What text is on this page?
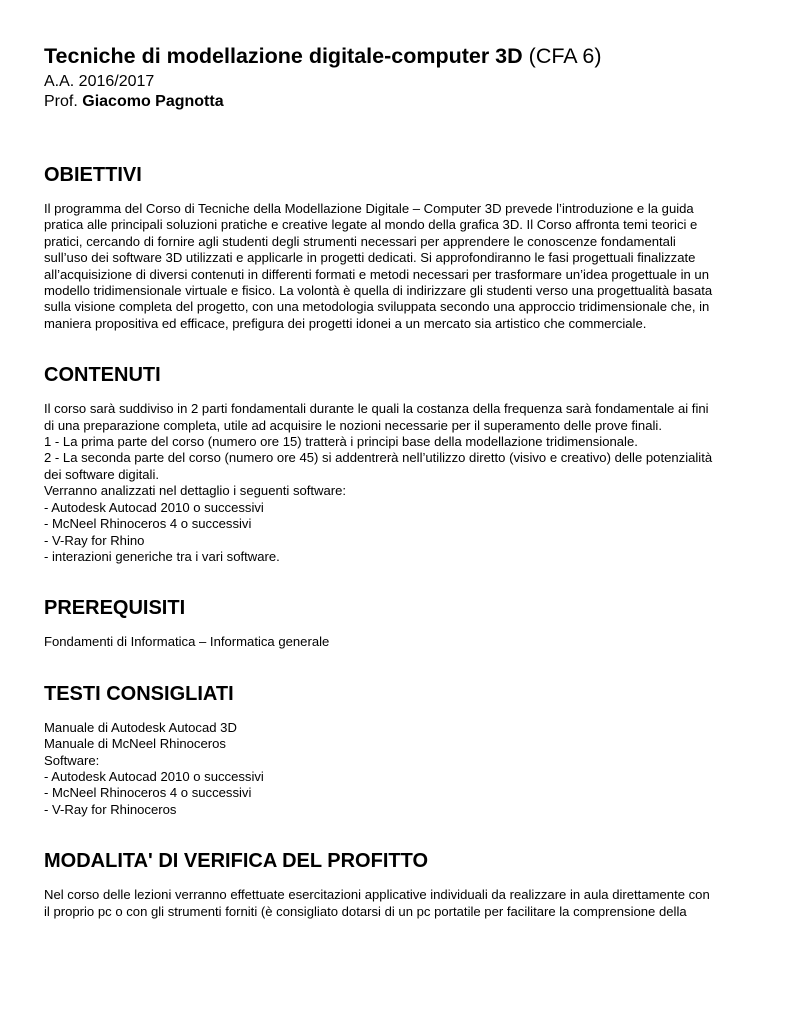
Tecniche di modellazione digitale-computer 3D (CFA 6)

A.A. 2016/2017

Prof. Giacomo Pagnotta

OBIETTIVI
Il programma del Corso di Tecniche della Modellazione Digitale – Computer 3D prevede l’introduzione e la guida
pratica alle principali soluzioni pratiche e creative legate al mondo della grafica 3D. Il Corso affronta temi teorici e
pratici, cercando di fornire agli studenti degli strumenti necessari per apprendere le conoscenze fondamentali
sull’uso dei software 3D utilizzati e applicarle in progetti dedicati. Si approfondiranno le fasi progettuali finalizzate
all’acquisizione di diversi contenuti in differenti formati e metodi necessari per trasformare un’idea progettuale in un
modello tridimensionale virtuale e fisico. La volontà è quella di indirizzare gli studenti verso una progettualità basata
sulla visione completa del progetto, con una metodologia sviluppata secondo una approccio tridimensionale che, in
maniera propositiva ed efficace, prefigura dei progetti idonei a un mercato sia artistico che commerciale.
CONTENUTI
Il corso sarà suddiviso in 2 parti fondamentali durante le quali la costanza della frequenza sarà fondamentale ai fini
di una preparazione completa, utile ad acquisire le nozioni necessarie per il superamento delle prove finali.
1 - La prima parte del corso (numero ore 15) tratterà i principi base della modellazione tridimensionale.
2 - La seconda parte del corso (numero ore 45) si addentrerà nell’utilizzo diretto (visivo e creativo) delle potenzialità
dei software digitali.
Verranno analizzati nel dettaglio i seguenti software:
- Autodesk Autocad 2010 o successivi
- McNeel Rhinoceros 4 o successivi
- V-Ray for Rhino
- interazioni generiche tra i vari software.
PREREQUISITI
Fondamenti di Informatica – Informatica generale
TESTI CONSIGLIATI
Manuale di Autodesk Autocad 3D
Manuale di McNeel Rhinoceros
Software:
- Autodesk Autocad 2010 o successivi
- McNeel Rhinoceros 4 o successivi
- V-Ray for Rhinoceros
MODALITA' DI VERIFICA DEL PROFITTO
Nel corso delle lezioni verranno effettuate esercitazioni applicative individuali da realizzare in aula direttamente con
il proprio pc o con gli strumenti forniti (è consigliato dotarsi di un pc portatile per facilitare la comprensione della
